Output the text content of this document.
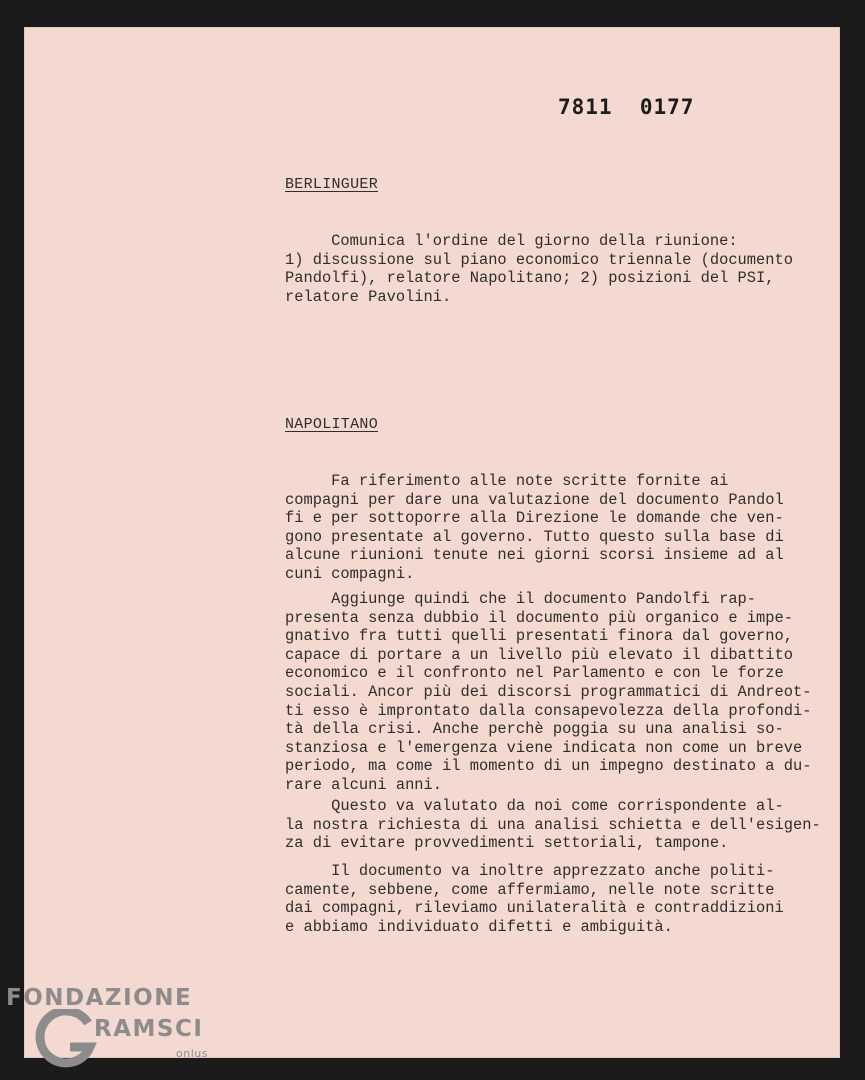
7811  0177
BERLINGUER

Comunica l'ordine del giorno della riunione:
1) discussione sul piano economico triennale (documento
Pandolfi), relatore Napolitano; 2) posizioni del PSI,
relatore Pavolini.

NAPOLITANO

Fa riferimento alle note scritte fornite ai
compagni per dare una valutazione del documento Pandol
fi e per sottoporre alla Direzione le domande che ven-
gono presentate al governo. Tutto questo sulla base di
alcune riunioni tenute nei giorni scorsi insieme ad al
cuni compagni.

Aggiunge quindi che il documento Pandolfi rap-
presenta senza dubbio il documento più organico e impe-
gnativo fra tutti quelli presentati finora dal governo,
capace di portare a un livello più elevato il dibattito
economico e il confronto nel Parlamento e con le forze
sociali. Ancor più dei discorsi programmatici di Andreot-
ti esso è improntato dalla consapevolezza della profondi-
tà della crisi. Anche perchè poggia su una analisi so-
stanziosa e l'emergenza viene indicata non come un breve
periodo, ma come il momento di un impegno destinato a du-
rare alcuni anni.

Questo va valutato da noi come corrispondente al-
la nostra richiesta di una analisi schietta e dell'esigen-
za di evitare provvedimenti settoriali, tampone.

Il documento va inoltre apprezzato anche politi-
camente, sebbene, come affermiamo, nelle note scritte
dai compagni, rileviamo unilateralità e contraddizioni
e abbiamo individuato difetti e ambiguità.

FONDAZIONE
RAMSCI
onlus
